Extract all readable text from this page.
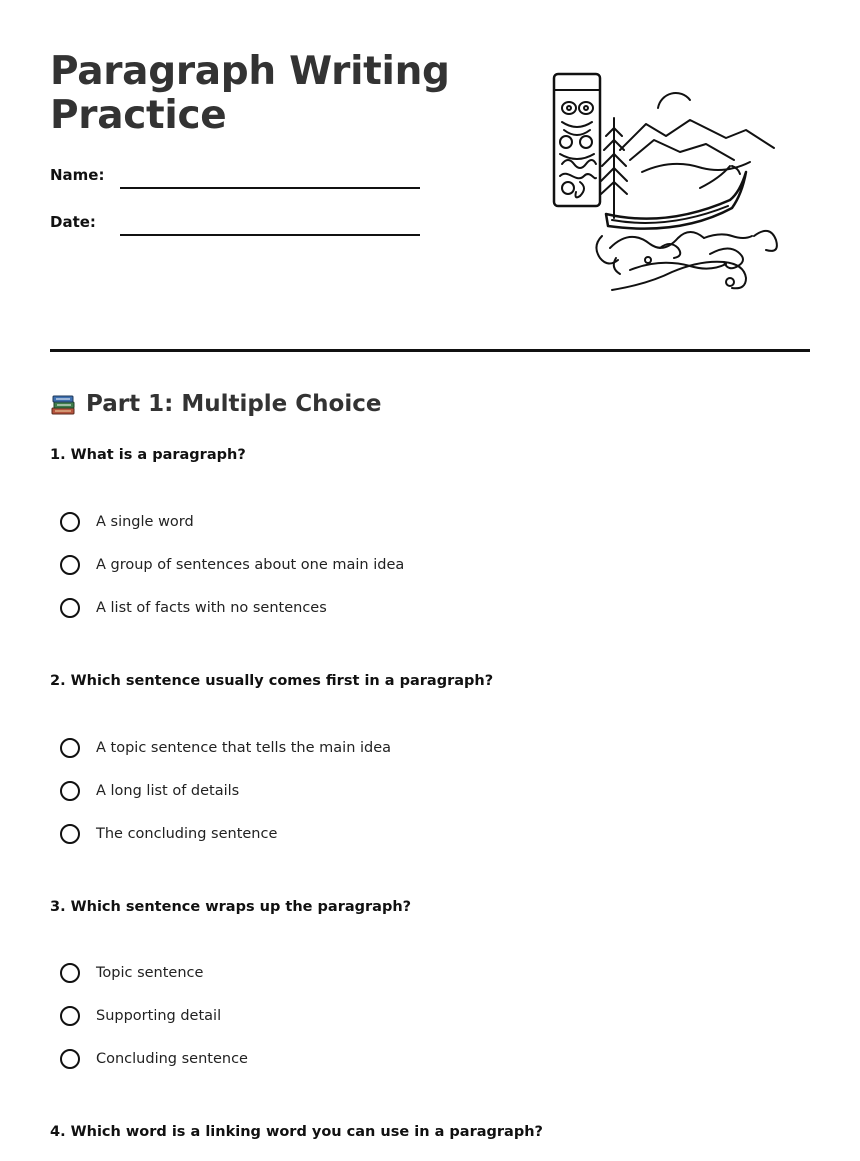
Paragraph Writing
Practice
Name:
Date:
Part 1: Multiple Choice

1. What is a paragraph?

A single word
A group of sentences about one main idea
A list of facts with no sentences

2. Which sentence usually comes first in a paragraph?

A topic sentence that tells the main idea
A long list of details
The concluding sentence

3. Which sentence wraps up the paragraph?

Topic sentence
Supporting detail
Concluding sentence

4. Which word is a linking word you can use in a paragraph?
